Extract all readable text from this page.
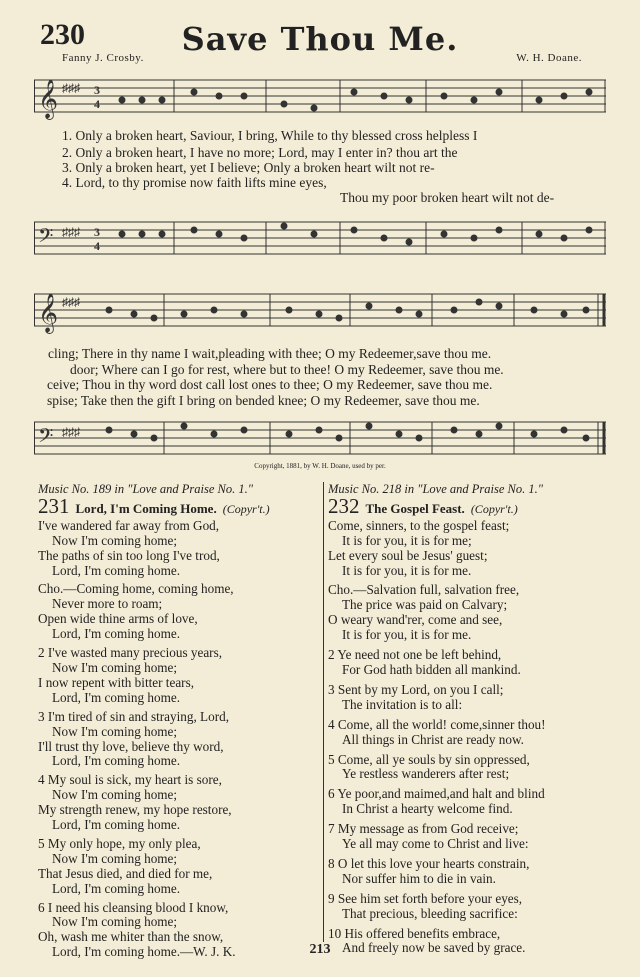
230	Save Thou Me.
Fanny J. Crosby.	W. H. Doane.
𝄞 ♯♯♯ 3
4
1. Only a broken heart, Saviour, I bring, While to thy blessed cross helpless I
2. Only a broken heart, I have no more; Lord, may I enter in? thou art the
3. Only a broken heart, yet I believe; Only a broken heart wilt not re-
4. Lord, to thy promise now faith lifts mine eyes,
Thou my poor broken heart wilt not de-
𝄢 ♯♯♯ 3
4
𝄞 ♯♯♯
cling; There in thy name I wait,pleading with thee; O my Redeemer,save thou me.
door; Where can I go for rest, where but to thee! O my Redeemer, save thou me.
ceive; Thou in thy word dost call lost ones to thee; O my Redeemer, save thou me.
spise; Take then the gift I bring on bended knee; O my Redeemer, save thou me.
𝄢 ♯♯♯
Copyright, 1881, by W. H. Doane, used by per.
Music No. 189 in "Love and Praise No. 1."
231 Lord, I'm Coming Home. (Copyr't.)
I've wandered far away from God,
Now I'm coming home;
The paths of sin too long I've trod,
Lord, I'm coming home.
Cho.—Coming home, coming home,
Never more to roam;
Open wide thine arms of love,
Lord, I'm coming home.
2 I've wasted many precious years,
Now I'm coming home;
I now repent with bitter tears,
Lord, I'm coming home.
3 I'm tired of sin and straying, Lord,
Now I'm coming home;
I'll trust thy love, believe thy word,
Lord, I'm coming home.
4 My soul is sick, my heart is sore,
Now I'm coming home;
My strength renew, my hope restore,
Lord, I'm coming home.
5 My only hope, my only plea,
Now I'm coming home;
That Jesus died, and died for me,
Lord, I'm coming home.
6 I need his cleansing blood I know,
Now I'm coming home;
Oh, wash me whiter than the snow,
Lord, I'm coming home.—W. J. K.
Music No. 218 in "Love and Praise No. 1."
232 The Gospel Feast. (Copyr't.)
Come, sinners, to the gospel feast;
It is for you, it is for me;
Let every soul be Jesus' guest;
It is for you, it is for me.
Cho.—Salvation full, salvation free,
The price was paid on Calvary;
O weary wand'rer, come and see,
It is for you, it is for me.
2 Ye need not one be left behind,
For God hath bidden all mankind.
3 Sent by my Lord, on you I call;
The invitation is to all:
4 Come, all the world! come,sinner thou!
All things in Christ are ready now.
5 Come, all ye souls by sin oppressed,
Ye restless wanderers after rest;
6 Ye poor,and maimed,and halt and blind
In Christ a hearty welcome find.
7 My message as from God receive;
Ye all may come to Christ and live:
8 O let this love your hearts constrain,
Nor suffer him to die in vain.
9 See him set forth before your eyes,
That precious, bleeding sacrifice:
10 His offered benefits embrace,
And freely now be saved by grace.
213
